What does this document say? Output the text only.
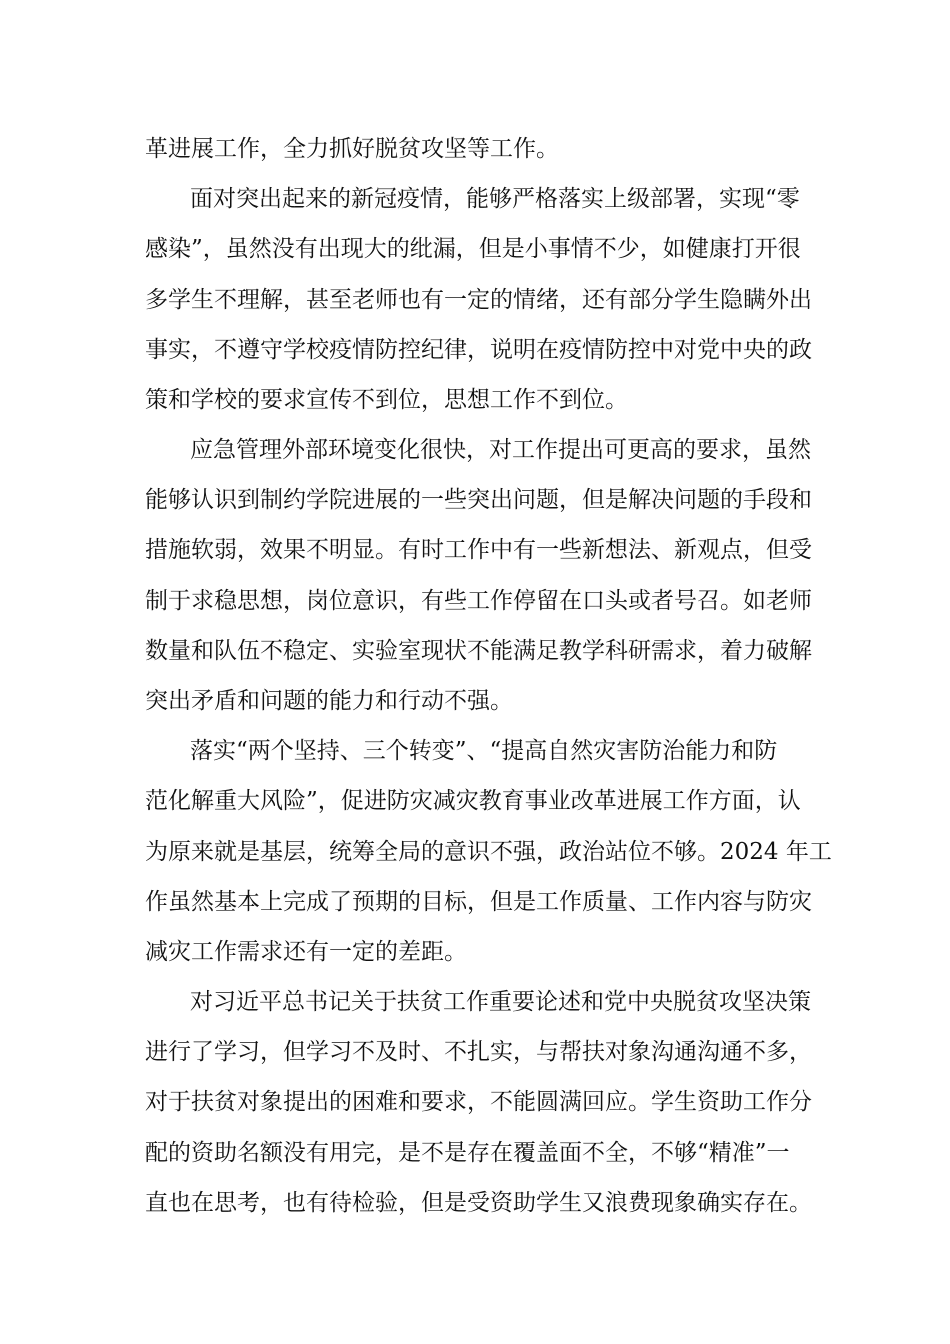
革进展工作，全力抓好脱贫攻坚等工作。
面对突出起来的新冠疫情，能够严格落实上级部署，实现“零
感染”，虽然没有出现大的纰漏，但是小事情不少，如健康打开很
多学生不理解，甚至老师也有一定的情绪，还有部分学生隐瞒外出
事实，不遵守学校疫情防控纪律，说明在疫情防控中对党中央的政
策和学校的要求宣传不到位，思想工作不到位。
应急管理外部环境变化很快，对工作提出可更高的要求，虽然
能够认识到制约学院进展的一些突出问题，但是解决问题的手段和
措施软弱，效果不明显。有时工作中有一些新想法、新观点，但受
制于求稳思想，岗位意识，有些工作停留在口头或者号召。如老师
数量和队伍不稳定、实验室现状不能满足教学科研需求，着力破解
突出矛盾和问题的能力和行动不强。
落实“两个坚持、三个转变”、“提高自然灾害防治能力和防
范化解重大风险”，促进防灾减灾教育事业改革进展工作方面，认
为原来就是基层，统筹全局的意识不强，政治站位不够。2024 年工
作虽然基本上完成了预期的目标，但是工作质量、工作内容与防灾
减灾工作需求还有一定的差距。
对习近平总书记关于扶贫工作重要论述和党中央脱贫攻坚决策
进行了学习，但学习不及时、不扎实，与帮扶对象沟通沟通不多，
对于扶贫对象提出的困难和要求，不能圆满回应。学生资助工作分
配的资助名额没有用完，是不是存在覆盖面不全，不够“精准”一
直也在思考，也有待检验，但是受资助学生又浪费现象确实存在。
